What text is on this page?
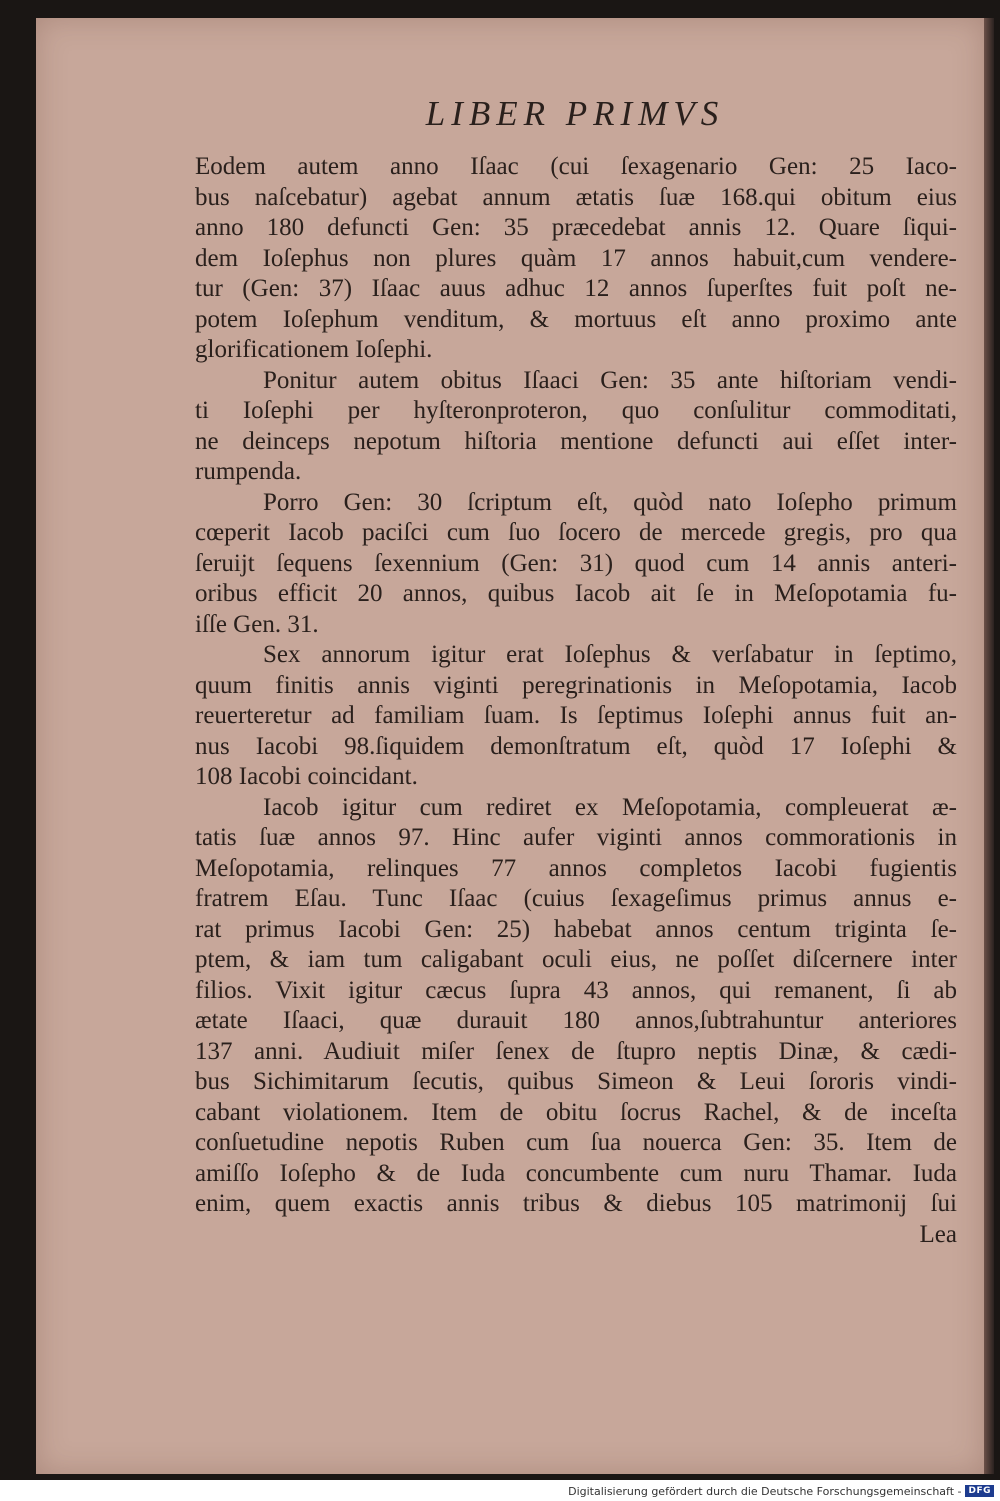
LIBER PRIMVS
Eodem autem anno Iſaac (cui ſexagenario Gen: 25 Iaco-
bus naſcebatur) agebat annum ætatis ſuæ 168.qui obitum eius
anno 180 defuncti Gen: 35 præcedebat annis 12. Quare ſiqui-
dem Ioſephus non plures quàm 17 annos habuit,cum vendere-
tur (Gen: 37) Iſaac auus adhuc 12 annos ſuperſtes fuit poſt ne-
potem Ioſephum venditum, & mortuus eſt anno proximo ante
glorificationem Ioſephi.
Ponitur autem obitus Iſaaci Gen: 35 ante hiſtoriam vendi-
ti Ioſephi per hyſteronproteron, quo conſulitur commoditati,
ne deinceps nepotum hiſtoria mentione defuncti aui eſſet inter-
rumpenda.
Porro Gen: 30 ſcriptum eſt, quòd nato Ioſepho primum
cœperit Iacob paciſci cum ſuo ſocero de mercede gregis, pro qua
ſeruijt ſequens ſexennium (Gen: 31) quod cum 14 annis anteri-
oribus efficit 20 annos, quibus Iacob ait ſe in Meſopotamia fu-
iſſe Gen. 31.
Sex annorum igitur erat Ioſephus & verſabatur in ſeptimo,
quum finitis annis viginti peregrinationis in Meſopotamia, Iacob
reuerteretur ad familiam ſuam. Is ſeptimus Ioſephi annus fuit an-
nus Iacobi 98.ſiquidem demonſtratum eſt, quòd 17 Ioſephi &
108 Iacobi coincidant.
Iacob igitur cum rediret ex Meſopotamia, compleuerat æ-
tatis ſuæ annos 97. Hinc aufer viginti annos commorationis in
Meſopotamia, relinques 77 annos completos Iacobi fugientis
fratrem Eſau. Tunc Iſaac (cuius ſexageſimus primus annus e-
rat primus Iacobi Gen: 25) habebat annos centum triginta ſe-
ptem, & iam tum caligabant oculi eius, ne poſſet diſcernere inter
filios. Vixit igitur cæcus ſupra 43 annos, qui remanent, ſi ab
ætate Iſaaci, quæ durauit 180 annos,ſubtrahuntur anteriores
137 anni. Audiuit miſer ſenex de ſtupro neptis Dinæ, & cædi-
bus Sichimitarum ſecutis, quibus Simeon & Leui ſororis vindi-
cabant violationem. Item de obitu ſocrus Rachel, & de inceſta
conſuetudine nepotis Ruben cum ſua nouerca Gen: 35. Item de
amiſſo Ioſepho & de Iuda concumbente cum nuru Thamar. Iuda
enim, quem exactis annis tribus & diebus 105 matrimonij ſui
Lea
Digitalisierung gefördert durch die Deutsche Forschungsgemeinschaft - DFG
